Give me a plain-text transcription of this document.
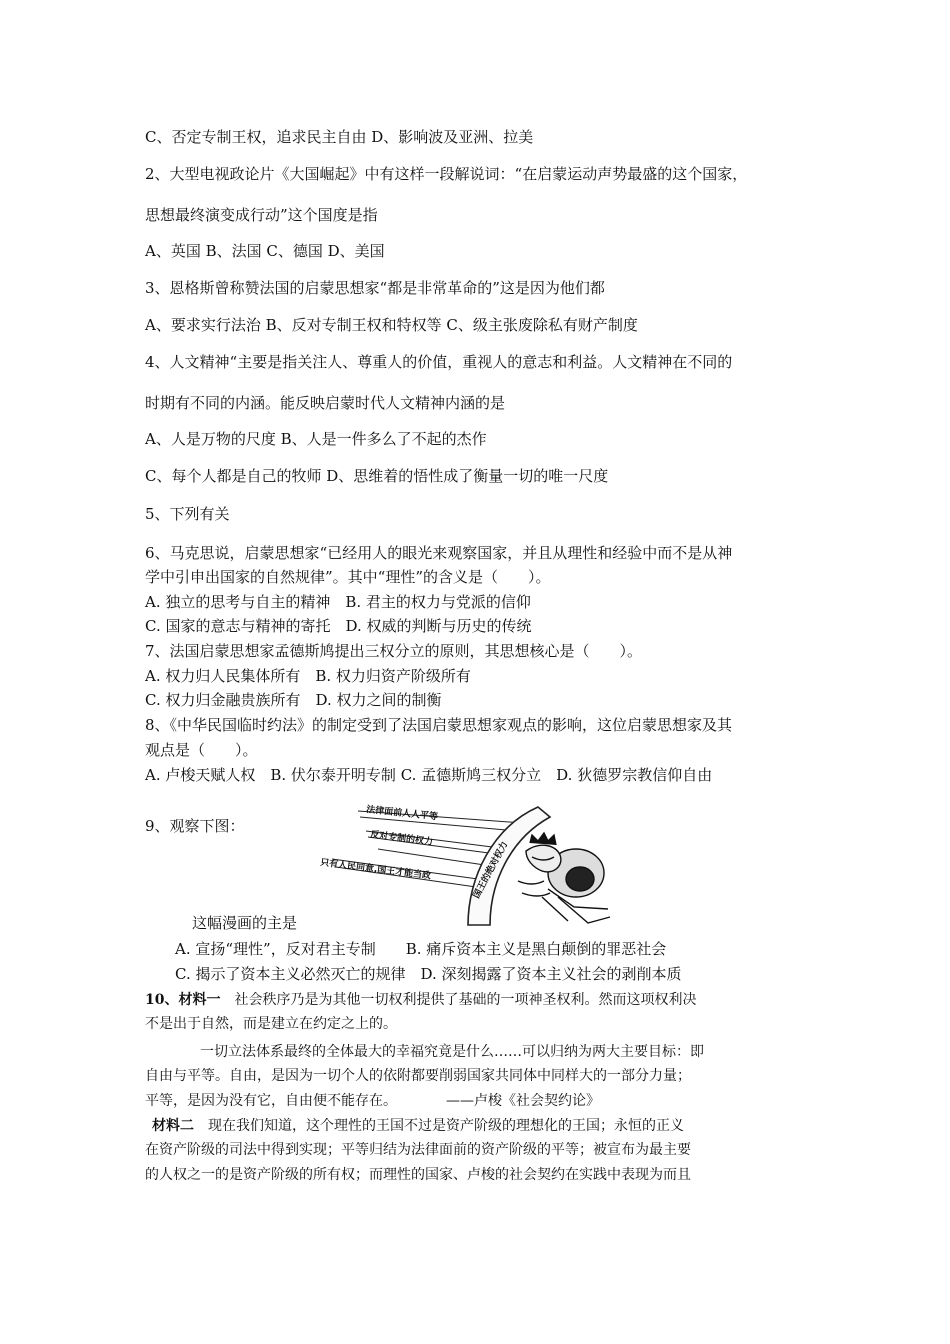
C、否定专制王权，追求民主自由 D、影响波及亚洲、拉美
2、大型电视政论片《大国崛起》中有这样一段解说词：“在启蒙运动声势最盛的这个国家，
思想最终演变成行动”这个国度是指
A、英国 B、法国 C、德国 D、美国
3、恩格斯曾称赞法国的启蒙思想家“都是非常革命的”这是因为他们都
A、要求实行法治 B、反对专制王权和特权等 C、级主张废除私有财产制度
4、人文精神“主要是指关注人、尊重人的价值，重视人的意志和利益。人文精神在不同的
时期有不同的内涵。能反映启蒙时代人文精神内涵的是
A、人是万物的尺度 B、人是一件多么了不起的杰作
C、每个人都是自己的牧师 D、思维着的悟性成了衡量一切的唯一尺度
5、下列有关
6、马克思说，启蒙思想家“已经用人的眼光来观察国家，并且从理性和经验中而不是从神
学中引申出国家的自然规律”。其中“理性”的含义是（　　）。
A. 独立的思考与自主的精神　B. 君主的权力与党派的信仰
C. 国家的意志与精神的寄托　D. 权威的判断与历史的传统
7、法国启蒙思想家孟德斯鸠提出三权分立的原则，其思想核心是（　　）。
A. 权力归人民集体所有　B. 权力归资产阶级所有
C. 权力归金融贵族所有　D. 权力之间的制衡
8、《中华民国临时约法》的制定受到了法国启蒙思想家观点的影响，这位启蒙思想家及其
观点是（　　）。
A. 卢梭天赋人权　B. 伏尔泰开明专制 C. 孟德斯鸠三权分立　D. 狄德罗宗教信仰自由
9、观察下图：
法律面前人人平等
反对专制的权力
只有人民同意,国王才能当政	国王的绝对权力
这幅漫画的主是
A. 宣扬“理性”，反对君主专制　　B. 痛斥资本主义是黑白颠倒的罪恶社会
C. 揭示了资本主义必然灭亡的规律　D. 深刻揭露了资本主义社会的剥削本质
10、材料一　社会秩序乃是为其他一切权利提供了基础的一项神圣权利。然而这项权利决
不是出于自然，而是建立在约定之上的。
一切立法体系最终的全体最大的幸福究竟是什么……可以归纳为两大主要目标：即
自由与平等。自由，是因为一切个人的依附都要削弱国家共同体中同样大的一部分力量；
平等，是因为没有它，自由便不能存在。　　　　——卢梭《社会契约论》
材料二　现在我们知道，这个理性的王国不过是资产阶级的理想化的王国；永恒的正义
在资产阶级的司法中得到实现；平等归结为法律面前的资产阶级的平等；被宣布为最主要
的人权之一的是资产阶级的所有权；而理性的国家、卢梭的社会契约在实践中表现为而且
